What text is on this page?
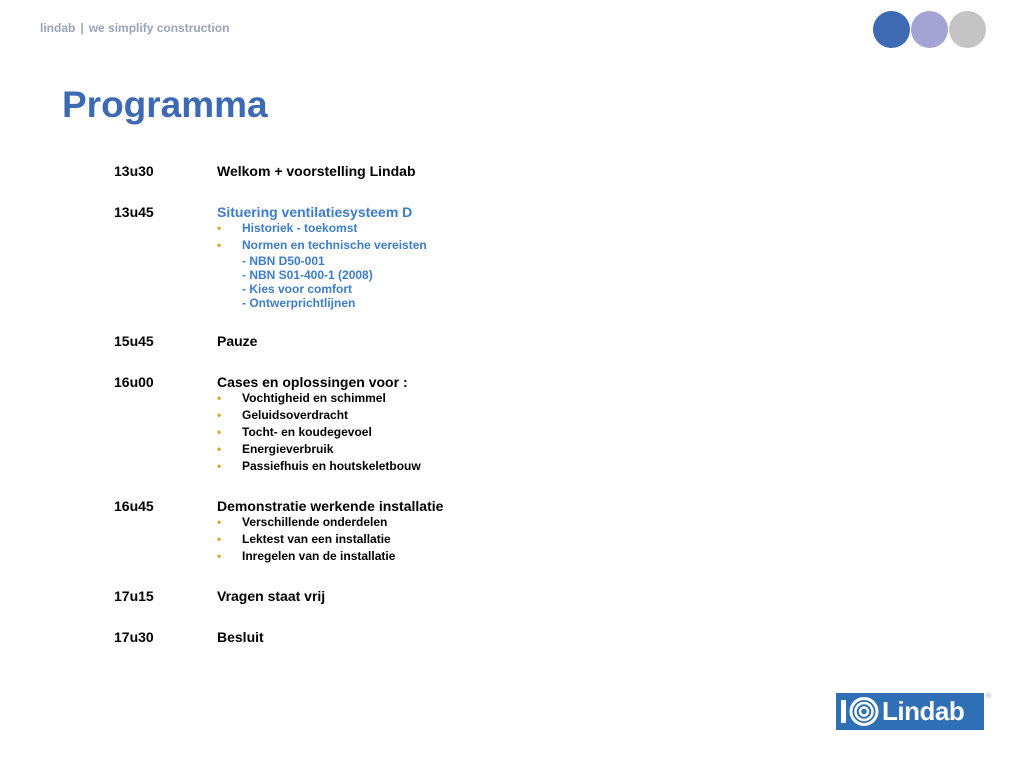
lindab | we simplify construction
Programma
13u30	Welkom + voorstelling Lindab
13u45	Situering ventilatiesysteem D
• Historiek - toekomst
• Normen en technische vereisten
- NBN D50-001
- NBN S01-400-1 (2008)
- Kies voor comfort
- Ontwerprichtlijnen
15u45	Pauze
16u00	Cases en oplossingen voor :
• Vochtigheid en schimmel
• Geluidsoverdracht
• Tocht- en koudegevoel
• Energieverbruik
• Passiefhuis en houtskeletbouw
16u45	Demonstratie werkende installatie
• Verschillende onderdelen
• Lektest van een installatie
• Inregelen van de installatie
17u15	Vragen staat vrij
17u30	Besluit
Lindab	®
